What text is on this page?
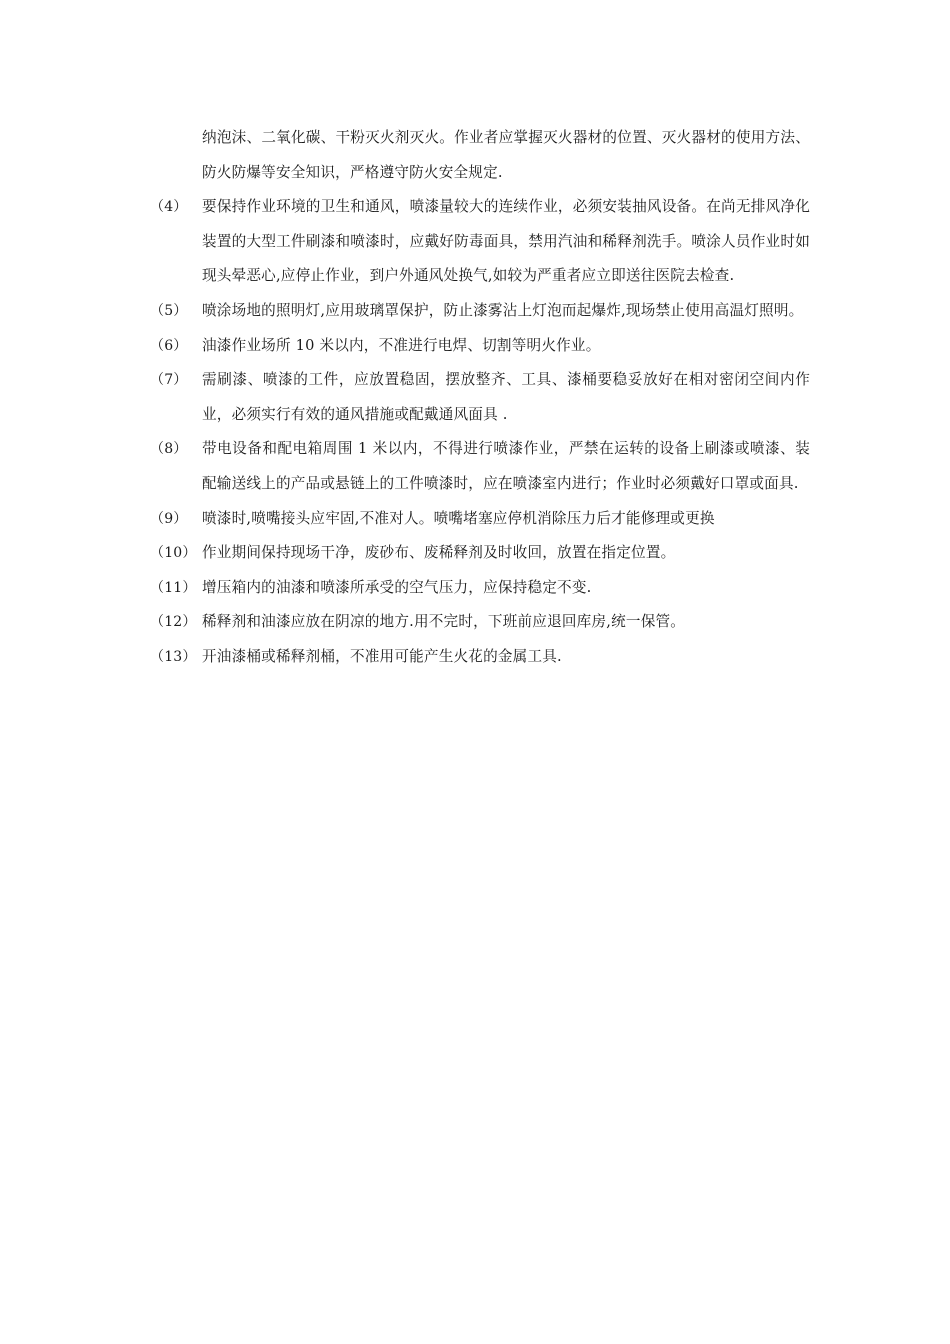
纳泡沫、二氧化碳、干粉灭火剂灭火。作业者应掌握灭火器材的位置、灭火器材的使用方法、防火防爆等安全知识，严格遵守防火安全规定.
（4） 要保持作业环境的卫生和通风，喷漆量较大的连续作业，必须安装抽风设备。在尚无排风净化装置的大型工件刷漆和喷漆时，应戴好防毒面具，禁用汽油和稀释剂洗手。喷涂人员作业时如现头晕恶心,应停止作业，到户外通风处换气,如较为严重者应立即送往医院去检查.
（5） 喷涂场地的照明灯,应用玻璃罩保护，防止漆雾沾上灯泡而起爆炸,现场禁止使用高温灯照明。
（6） 油漆作业场所 10 米以内，不准进行电焊、切割等明火作业。
（7） 需刷漆、喷漆的工件，应放置稳固，摆放整齐、工具、漆桶要稳妥放好在相对密闭空间内作业，必须实行有效的通风措施或配戴通风面具 .
（8） 带电设备和配电箱周围 1 米以内，不得进行喷漆作业，严禁在运转的设备上刷漆或喷漆、装配输送线上的产品或悬链上的工件喷漆时，应在喷漆室内进行；作业时必须戴好口罩或面具.
（9） 喷漆时,喷嘴接头应牢固,不准对人。喷嘴堵塞应停机消除压力后才能修理或更换
（10） 作业期间保持现场干净，废砂布、废稀释剂及时收回，放置在指定位置。
（11） 增压箱内的油漆和喷漆所承受的空气压力，应保持稳定不变.
（12） 稀释剂和油漆应放在阴凉的地方.用不完时，下班前应退回库房,统一保管。
（13） 开油漆桶或稀释剂桶，不准用可能产生火花的金属工具.
